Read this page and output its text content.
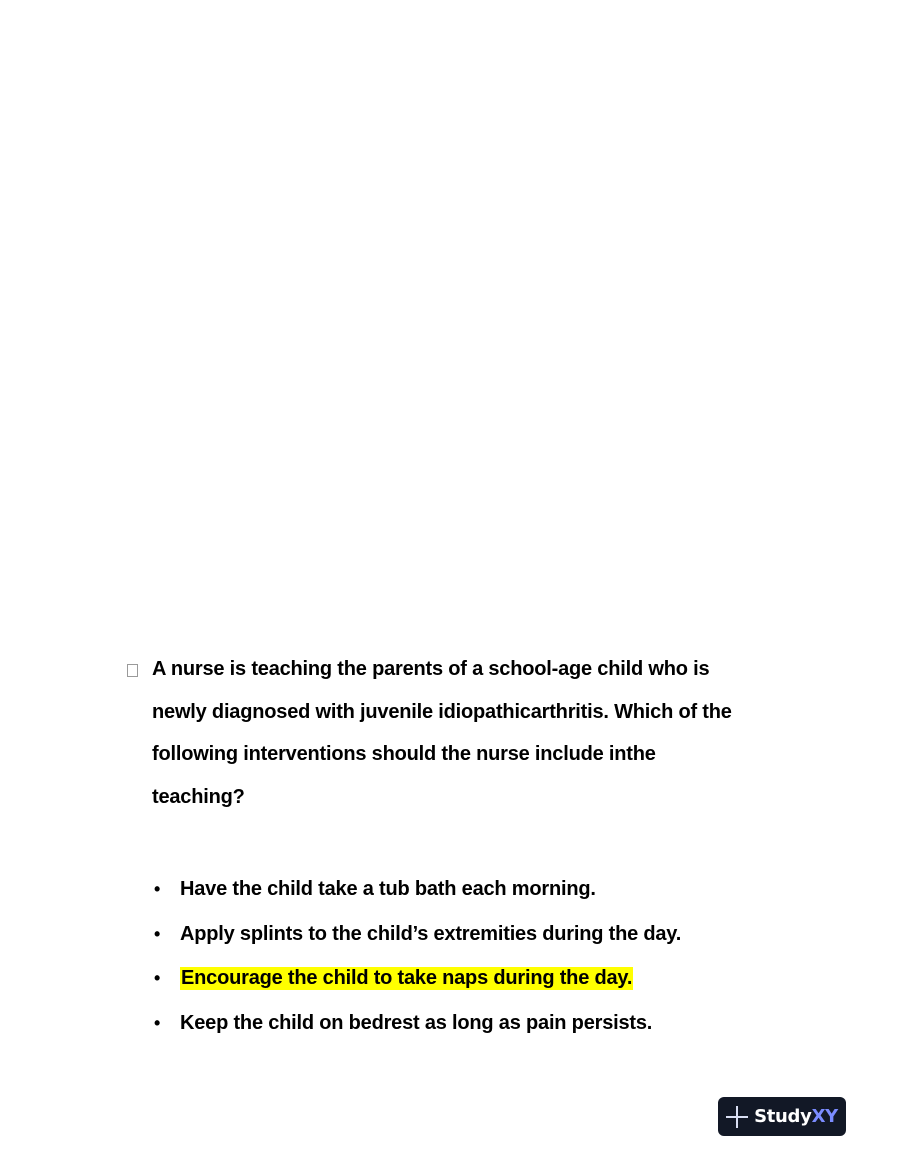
A nurse is teaching the parents of a school-age child who is newly diagnosed with juvenile idiopathicarthritis. Which of the following interventions should the nurse include inthe teaching?
• Have the child take a tub bath each morning.
• Apply splints to the child’s extremities during the day.
•	Encourage the child to take naps during the day.
• Keep the child on bedrest as long as pain persists.
StudyXY
